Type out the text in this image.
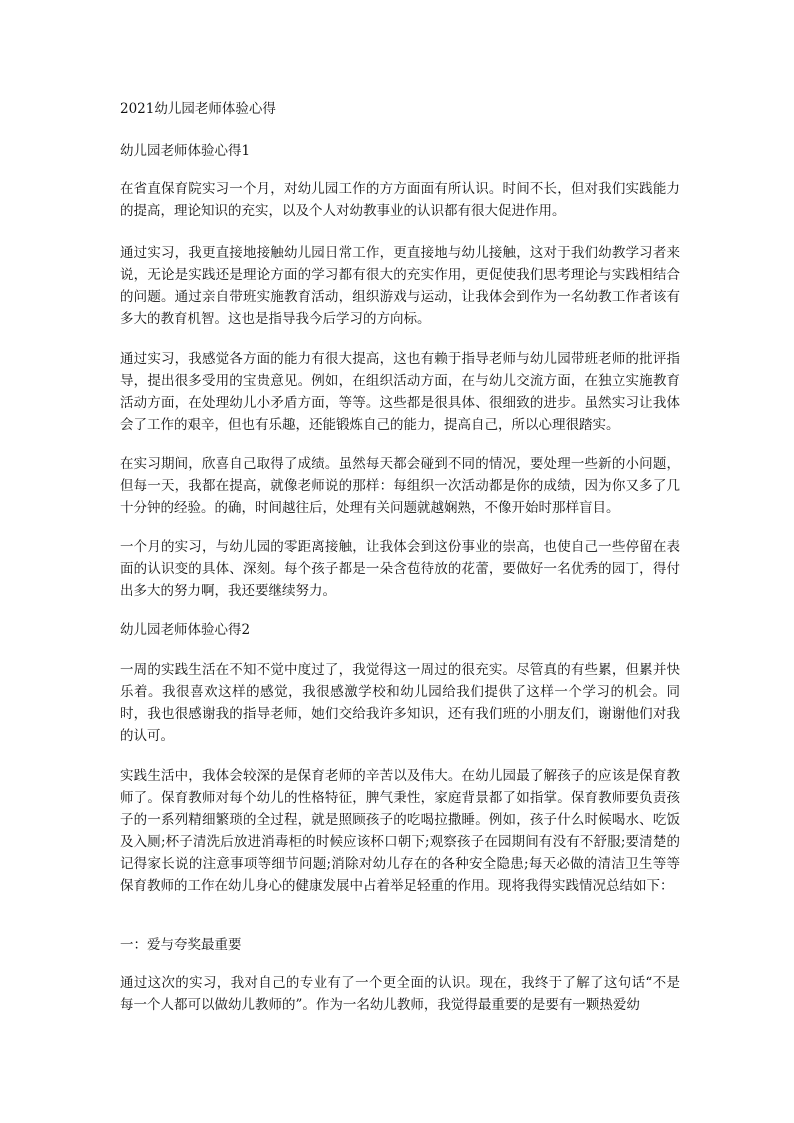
2021幼儿园老师体验心得

幼儿园老师体验心得1

在省直保育院实习一个月，对幼儿园工作的方方面面有所认识。时间不长，但对我们实践能力的提高，理论知识的充实，以及个人对幼教事业的认识都有很大促进作用。

通过实习，我更直接地接触幼儿园日常工作，更直接地与幼儿接触，这对于我们幼教学习者来说，无论是实践还是理论方面的学习都有很大的充实作用，更促使我们思考理论与实践相结合的问题。通过亲自带班实施教育活动，组织游戏与运动，让我体会到作为一名幼教工作者该有多大的教育机智。这也是指导我今后学习的方向标。

通过实习，我感觉各方面的能力有很大提高，这也有赖于指导老师与幼儿园带班老师的批评指导，提出很多受用的宝贵意见。例如，在组织活动方面，在与幼儿交流方面，在独立实施教育活动方面，在处理幼儿小矛盾方面，等等。这些都是很具体、很细致的进步。虽然实习让我体会了工作的艰辛，但也有乐趣，还能锻炼自己的能力，提高自己，所以心理很踏实。

在实习期间，欣喜自己取得了成绩。虽然每天都会碰到不同的情况，要处理一些新的小问题，但每一天，我都在提高，就像老师说的那样：每组织一次活动都是你的成绩，因为你又多了几十分钟的经验。的确，时间越往后，处理有关问题就越娴熟，不像开始时那样盲目。

一个月的实习，与幼儿园的零距离接触，让我体会到这份事业的崇高，也使自己一些停留在表面的认识变的具体、深刻。每个孩子都是一朵含苞待放的花蕾，要做好一名优秀的园丁，得付出多大的努力啊，我还要继续努力。

幼儿园老师体验心得2

一周的实践生活在不知不觉中度过了，我觉得这一周过的很充实。尽管真的有些累，但累并快乐着。我很喜欢这样的感觉，我很感激学校和幼儿园给我们提供了这样一个学习的机会。同时，我也很感谢我的指导老师，她们交给我许多知识，还有我们班的小朋友们，谢谢他们对我的认可。

实践生活中，我体会较深的是保育老师的辛苦以及伟大。在幼儿园最了解孩子的应该是保育教师了。保育教师对每个幼儿的性格特征，脾气秉性，家庭背景都了如指掌。保育教师要负责孩子的一系列精细繁琐的全过程，就是照顾孩子的吃喝拉撒睡。例如，孩子什么时候喝水、吃饭及入厕;杯子清洗后放进消毒柜的时候应该杯口朝下;观察孩子在园期间有没有不舒服;要清楚的记得家长说的注意事项等细节问题;消除对幼儿存在的各种安全隐患;每天必做的清洁卫生等等保育教师的工作在幼儿身心的健康发展中占着举足轻重的作用。现将我得实践情况总结如下：

一：爱与夸奖最重要

通过这次的实习，我对自己的专业有了一个更全面的认识。现在，我终于了解了这句话“不是每一个人都可以做幼儿教师的”。作为一名幼儿教师，我觉得最重要的是要有一颗热爱幼
